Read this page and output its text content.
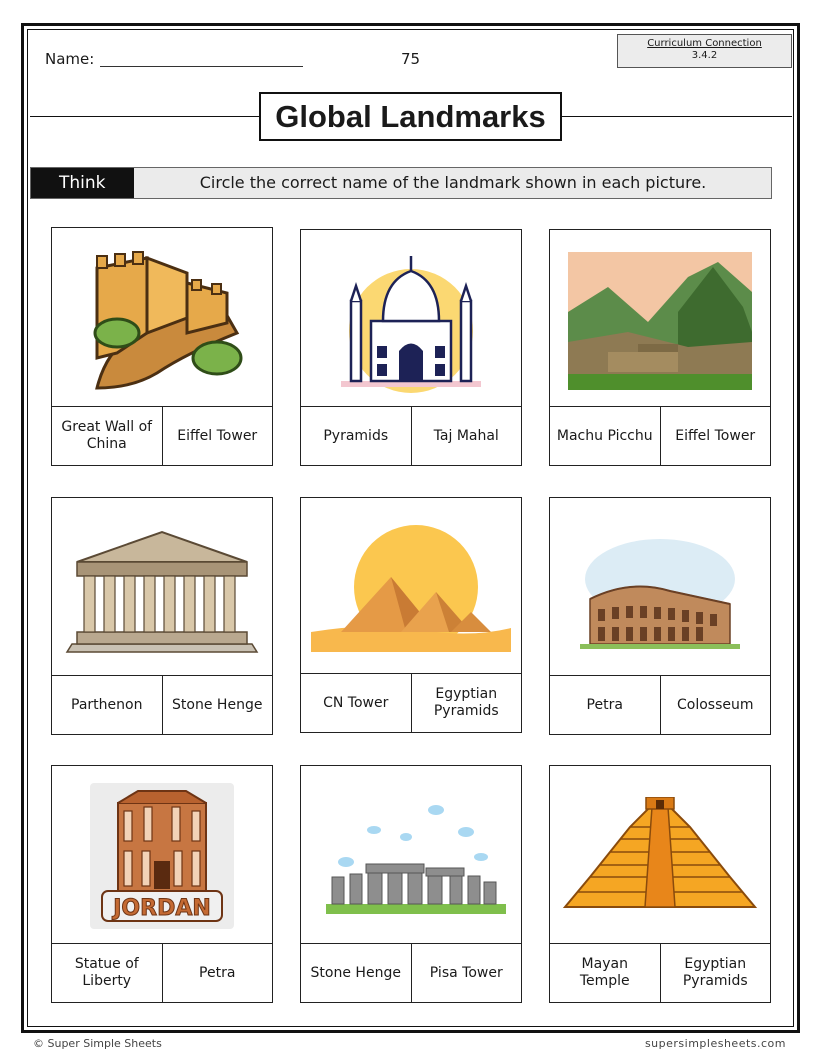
Name:	75
Curriculum Connection
3.4.2
Global Landmarks
Think	Circle the correct name of the landmark shown in each picture.
Great Wall of China
Eiffel Tower	Pyramids	Taj Mahal	Machu Picchu	Eiffel Tower
Parthenon	Stone Henge	CN Tower
Egyptian Pyramids	Petra	Colosseum
JORDAN
Statue of Liberty
Petra	Stone Henge	Pisa Tower
Mayan Temple
Egyptian Pyramids
© Super Simple Sheets	supersimplesheets.com
